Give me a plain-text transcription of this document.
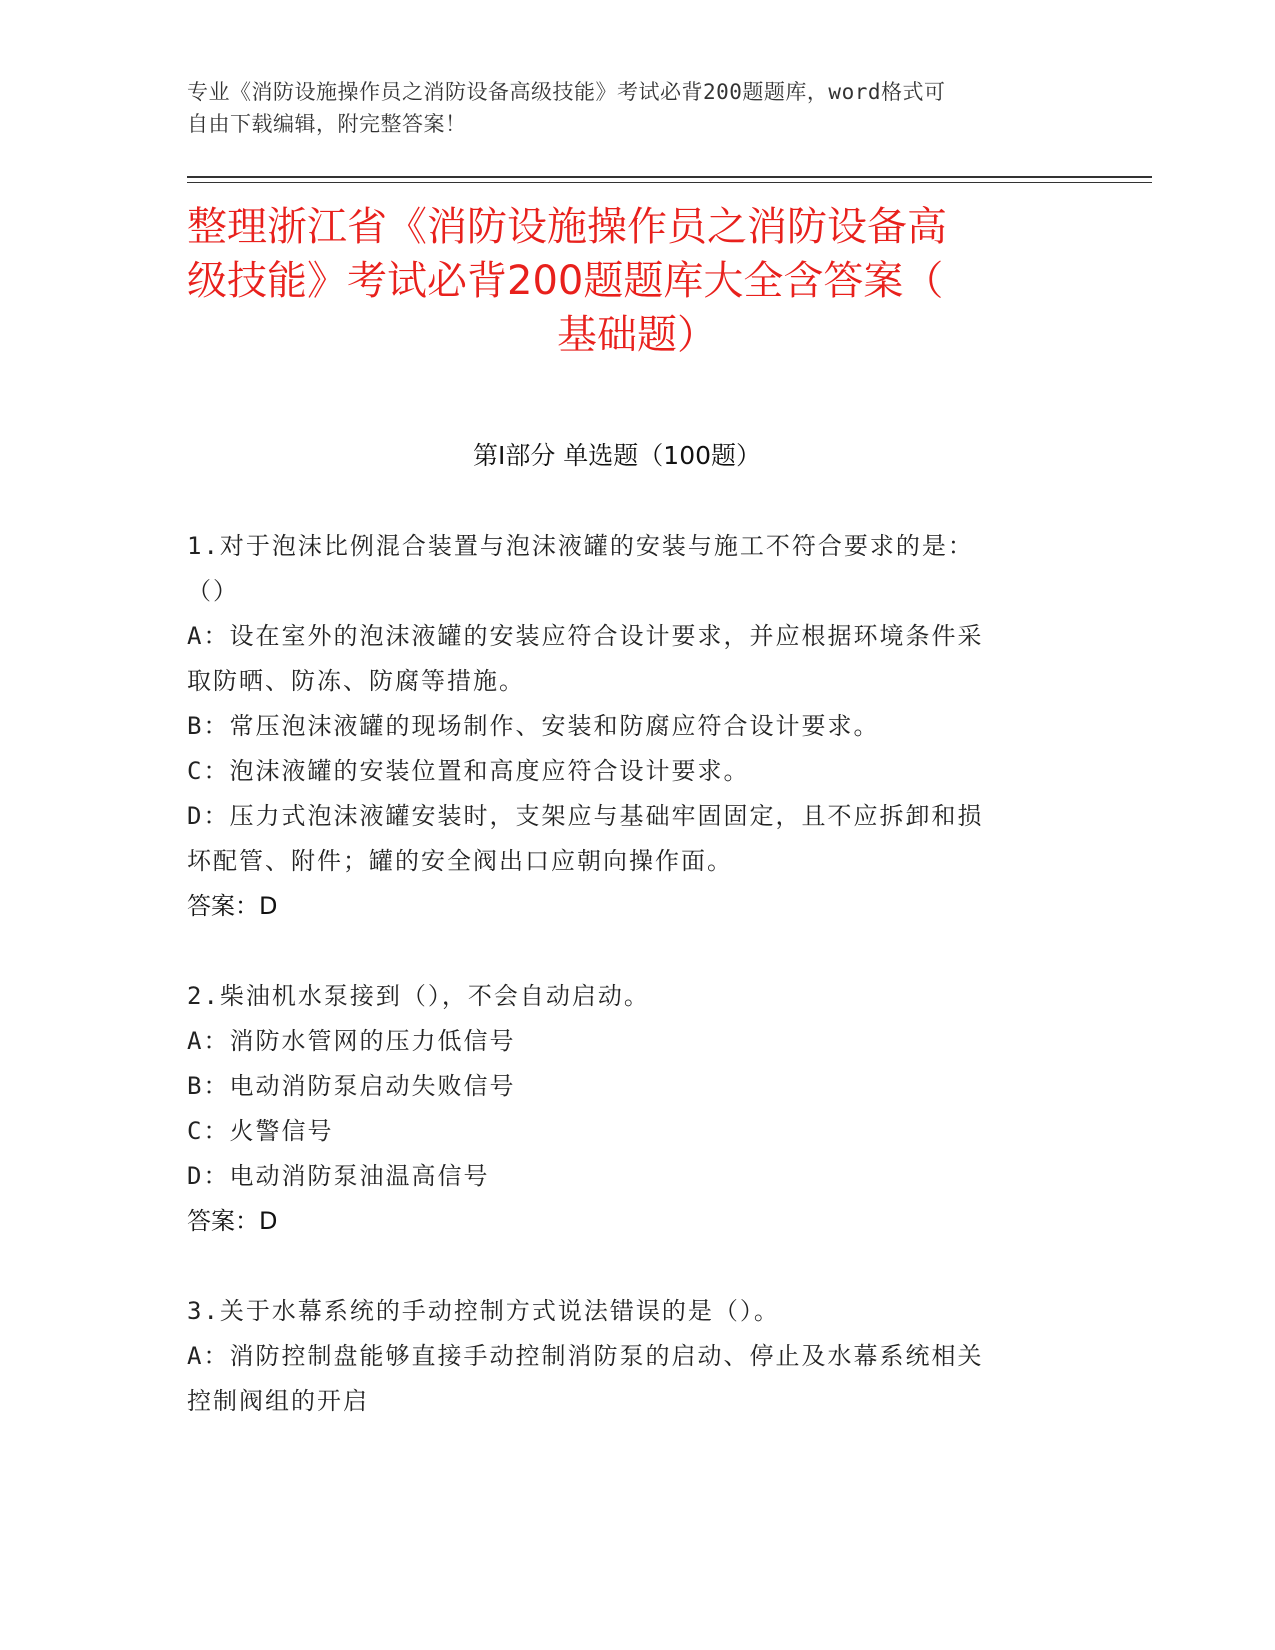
专业《消防设施操作员之消防设备高级技能》考试必背200题题库，word格式可
自由下载编辑，附完整答案！
整理浙江省《消防设施操作员之消防设备高
级技能》考试必背200题题库大全含答案（
基础题）
第Ⅰ部分 单选题（100题）
1.对于泡沫比例混合装置与泡沫液罐的安装与施工不符合要求的是：
（）
A：设在室外的泡沫液罐的安装应符合设计要求，并应根据环境条件采
取防晒、防冻、防腐等措施。
B：常压泡沫液罐的现场制作、安装和防腐应符合设计要求。
C：泡沫液罐的安装位置和高度应符合设计要求。
D：压力式泡沫液罐安装时，支架应与基础牢固固定，且不应拆卸和损
坏配管、附件；罐的安全阀出口应朝向操作面。
答案：D
2.柴油机水泵接到（），不会自动启动。
A：消防水管网的压力低信号
B：电动消防泵启动失败信号
C：火警信号
D：电动消防泵油温高信号
答案：D
3.关于水幕系统的手动控制方式说法错误的是（）。
A：消防控制盘能够直接手动控制消防泵的启动、停止及水幕系统相关
控制阀组的开启
